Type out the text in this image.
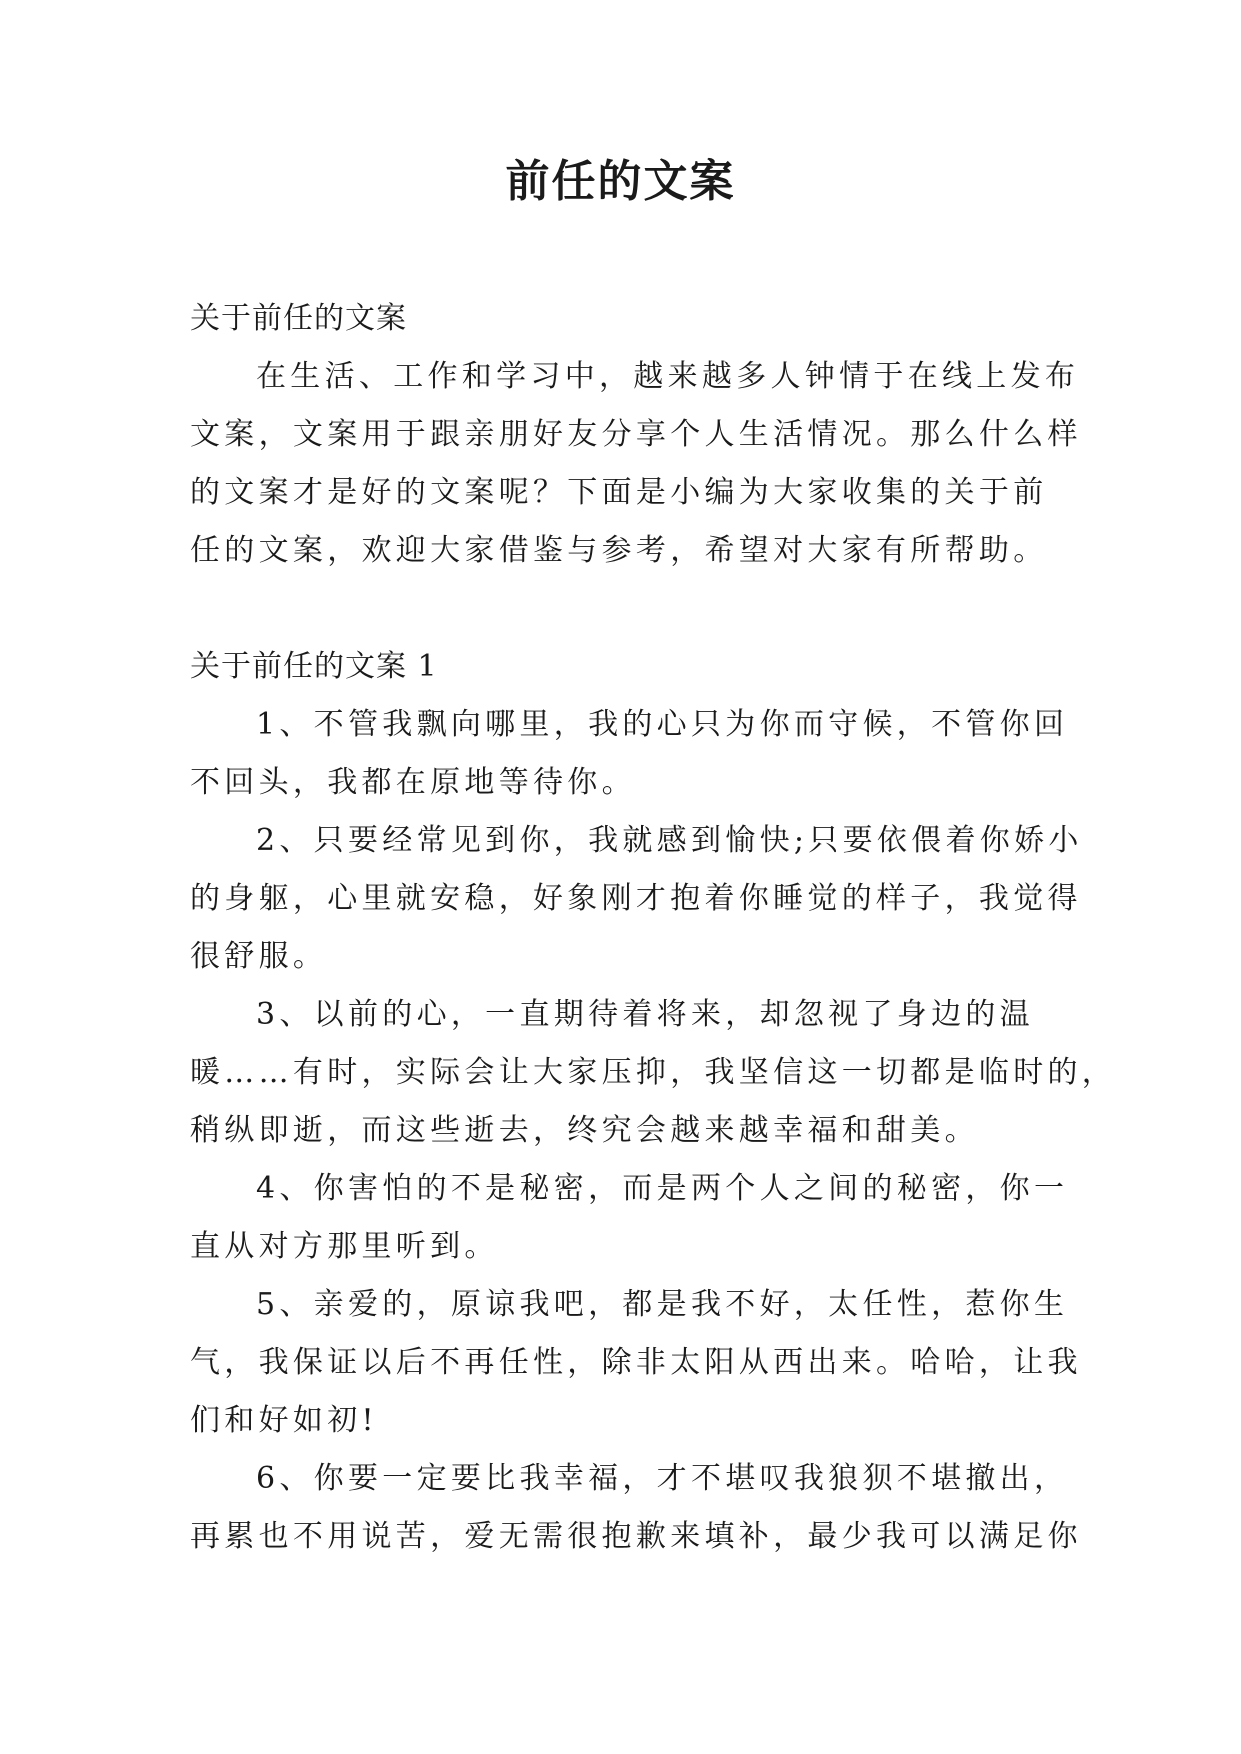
前任的文案
关于前任的文案
在生活、工作和学习中，越来越多人钟情于在线上发布
文案，文案用于跟亲朋好友分享个人生活情况。那么什么样
的文案才是好的文案呢？下面是小编为大家收集的关于前
任的文案，欢迎大家借鉴与参考，希望对大家有所帮助。
关于前任的文案 1
1、不管我飘向哪里，我的心只为你而守候，不管你回
不回头，我都在原地等待你。
2、只要经常见到你，我就感到愉快;只要依偎着你娇小
的身躯，心里就安稳，好象刚才抱着你睡觉的样子，我觉得
很舒服。
3、以前的心，一直期待着将来，却忽视了身边的温
暖……有时，实际会让大家压抑，我坚信这一切都是临时的，
稍纵即逝，而这些逝去，终究会越来越幸福和甜美。
4、你害怕的不是秘密，而是两个人之间的秘密，你一
直从对方那里听到。
5、亲爱的，原谅我吧，都是我不好，太任性，惹你生
气，我保证以后不再任性，除非太阳从西出来。哈哈，让我
们和好如初!
6、你要一定要比我幸福，才不堪叹我狼狈不堪撤出，
再累也不用说苦，爱无需很抱歉来填补，最少我可以满足你
